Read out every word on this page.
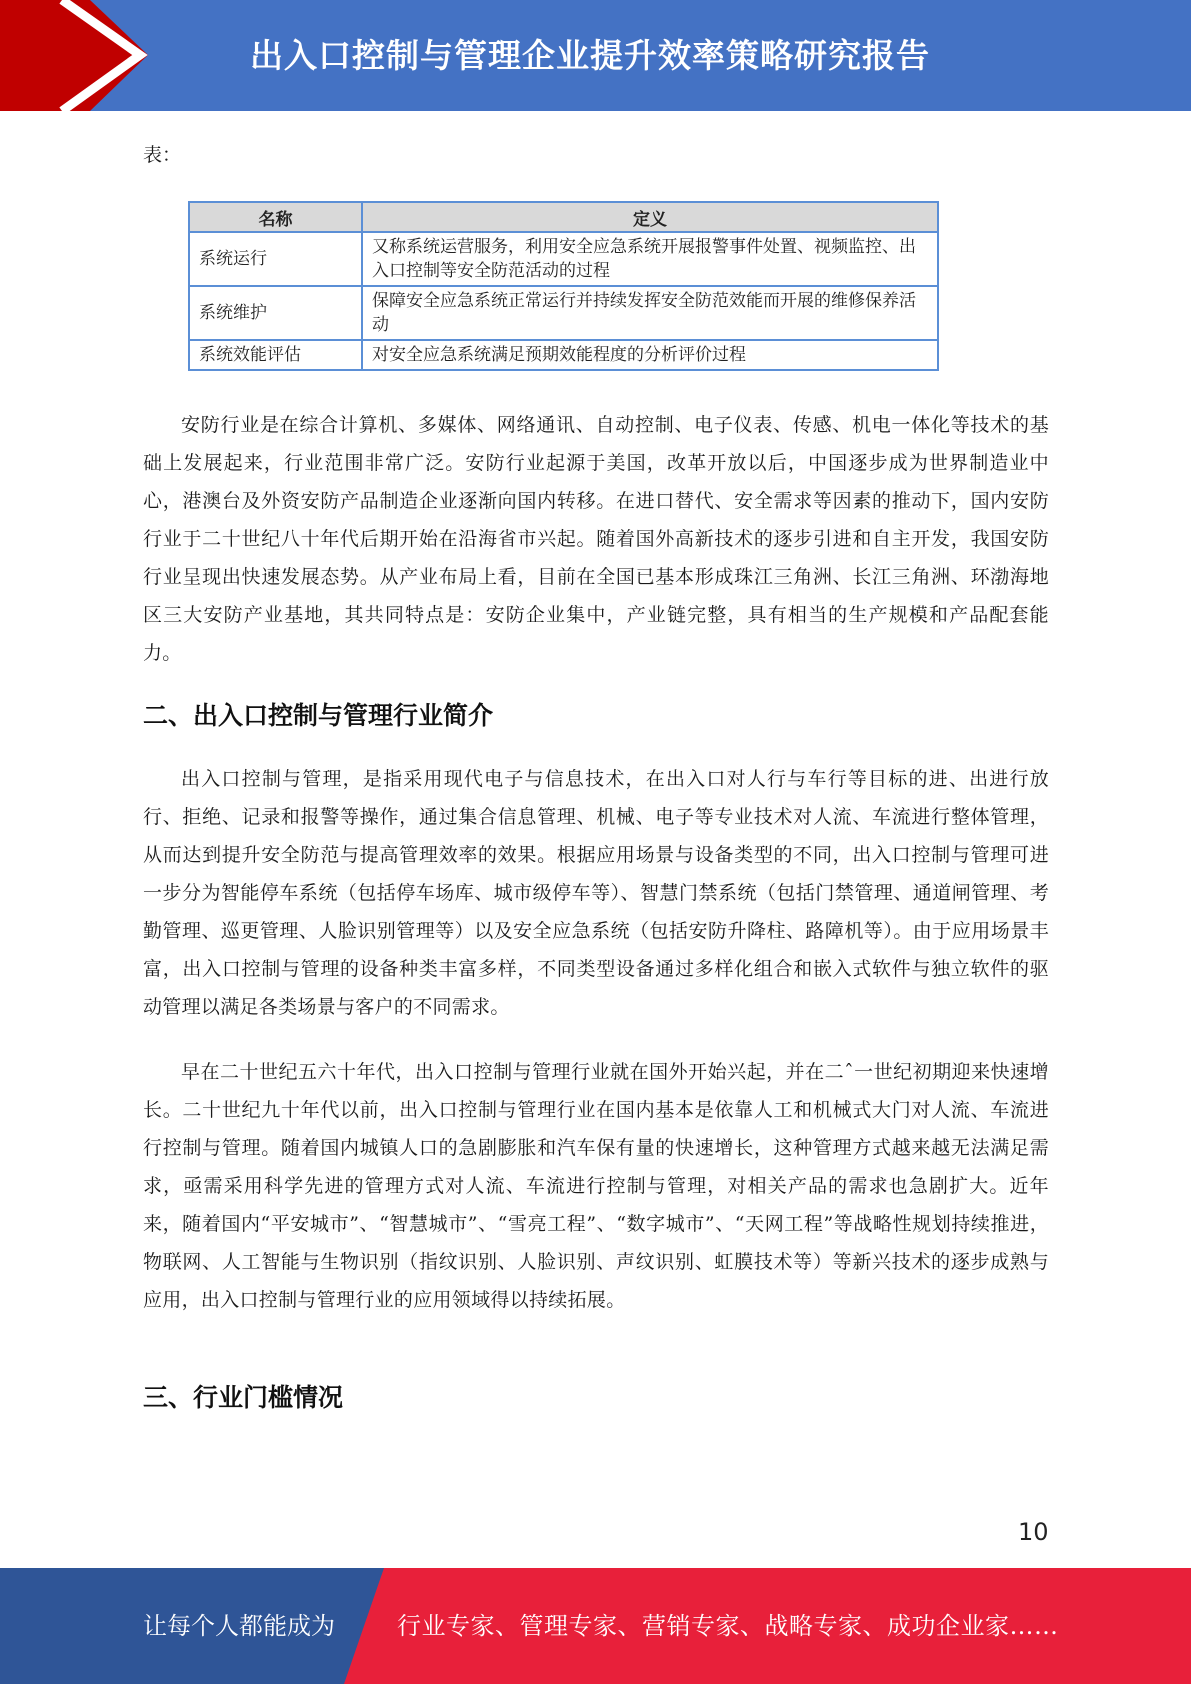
出入口控制与管理企业提升效率策略研究报告
表：
名称	定义
系统运行	又称系统运营服务，利用安全应急系统开展报警事件处置、视频监控、出入口控制等安全防范活动的过程
系统维护	保障安全应急系统正常运行并持续发挥安全防范效能而开展的维修保养活动
系统效能评估	对安全应急系统满足预期效能程度的分析评价过程

安防行业是在综合计算机、多媒体、网络通讯、自动控制、电子仪表、传感、机电一体化等技术的基础上发展起来，行业范围非常广泛。安防行业起源于美国，改革开放以后，中国逐步成为世界制造业中心，港澳台及外资安防产品制造企业逐渐向国内转移。在进口替代、安全需求等因素的推动下，国内安防行业于二十世纪八十年代后期开始在沿海省市兴起。随着国外高新技术的逐步引进和自主开发，我国安防行业呈现出快速发展态势。从产业布局上看，目前在全国已基本形成珠江三角洲、长江三角洲、环渤海地区三大安防产业基地，其共同特点是：安防企业集中，产业链完整，具有相当的生产规模和产品配套能力。

二、出入口控制与管理行业简介

出入口控制与管理，是指采用现代电子与信息技术，在出入口对人行与车行等目标的进、出进行放行、拒绝、记录和报警等操作，通过集合信息管理、机械、电子等专业技术对人流、车流进行整体管理，从而达到提升安全防范与提高管理效率的效果。根据应用场景与设备类型的不同，出入口控制与管理可进一步分为智能停车系统（包括停车场库、城市级停车等）、智慧门禁系统（包括门禁管理、通道闸管理、考勤管理、巡更管理、人脸识别管理等）以及安全应急系统（包括安防升降柱、路障机等）。由于应用场景丰富，出入口控制与管理的设备种类丰富多样，不同类型设备通过多样化组合和嵌入式软件与独立软件的驱动管理以满足各类场景与客户的不同需求。

早在二十世纪五六十年代，出入口控制与管理行业就在国外开始兴起，并在二ˆ一世纪初期迎来快速增长。二十世纪九十年代以前，出入口控制与管理行业在国内基本是依靠人工和机械式大门对人流、车流进行控制与管理。随着国内城镇人口的急剧膨胀和汽车保有量的快速增长，这种管理方式越来越无法满足需求，亟需采用科学先进的管理方式对人流、车流进行控制与管理，对相关产品的需求也急剧扩大。近年来，随着国内“平安城市”、“智慧城市”、“雪亮工程”、“数字城市”、“天网工程”等战略性规划持续推进，物联网、人工智能与生物识别（指纹识别、人脸识别、声纹识别、虹膜技术等）等新兴技术的逐步成熟与应用，出入口控制与管理行业的应用领域得以持续拓展。

三、行业门槛情况
10
让每个人都能成为	行业专家、管理专家、营销专家、战略专家、成功企业家……
